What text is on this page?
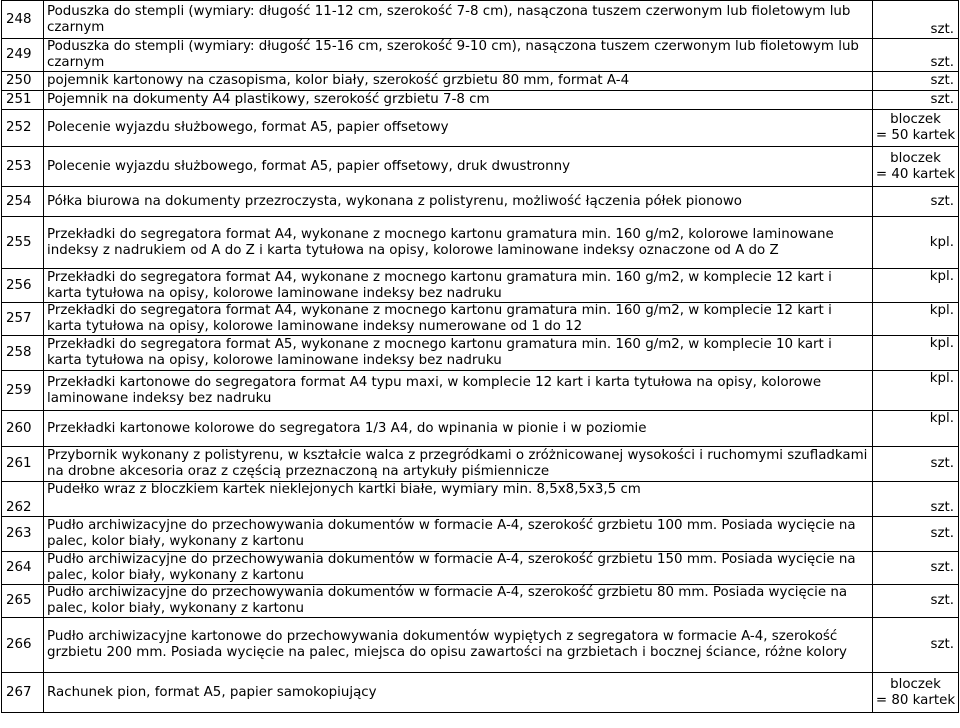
248	Poduszka do stempli (wymiary: długość 11-12 cm, szerokość 7-8 cm), nasączona tuszem czerwonym lub fioletowym lub czarnym	szt.
249	Poduszka do stempli (wymiary: długość 15-16 cm, szerokość 9-10 cm), nasączona tuszem czerwonym lub fioletowym lub czarnym	szt.
250	pojemnik kartonowy na czasopisma, kolor biały, szerokość grzbietu 80 mm, format A-4	szt.
251	Pojemnik na dokumenty A4 plastikowy, szerokość grzbietu 7-8 cm	szt.
252	Polecenie wyjazdu służbowego, format A5, papier offsetowy	bloczek
= 50 kartek

253	Polecenie wyjazdu służbowego, format A5, papier offsetowy, druk dwustronny	bloczek
= 40 kartek

254	Półka biurowa na dokumenty przezroczysta, wykonana z polistyrenu, możliwość łączenia półek pionowo	szt.
255	Przekładki do segregatora format A4, wykonane z mocnego kartonu gramatura min. 160 g/m2, kolorowe laminowane indeksy z nadrukiem od A do Z i karta tytułowa na opisy, kolorowe laminowane indeksy oznaczone od A do Z	kpl.
256	Przekładki do segregatora format A4, wykonane z mocnego kartonu gramatura min. 160 g/m2, w komplecie 12 kart i karta tytułowa na opisy, kolorowe laminowane indeksy bez nadruku	kpl.
257	Przekładki do segregatora format A4, wykonane z mocnego kartonu gramatura min. 160 g/m2, w komplecie 12 kart i karta tytułowa na opisy, kolorowe laminowane indeksy numerowane od 1 do 12	kpl.
258	Przekładki do segregatora format A5, wykonane z mocnego kartonu gramatura min. 160 g/m2, w komplecie 10 kart i karta tytułowa na opisy, kolorowe laminowane indeksy bez nadruku	kpl.
259	Przekładki kartonowe do segregatora format A4 typu maxi, w komplecie 12 kart i karta tytułowa na opisy, kolorowe laminowane indeksy bez nadruku	kpl.
260	Przekładki kartonowe kolorowe do segregatora 1/3 A4, do wpinania w pionie i w poziomie	kpl.
261	Przybornik wykonany z polistyrenu, w kształcie walca z przegródkami o zróżnicowanej wysokości i ruchomymi szufladkami na drobne akcesoria oraz z częścią przeznaczoną na artykuły piśmiennicze	szt.
262	Pudełko wraz z bloczkiem kartek nieklejonych kartki białe, wymiary min. 8,5x8,5x3,5 cm	szt.
263	Pudło archiwizacyjne do przechowywania dokumentów w formacie A-4, szerokość grzbietu 100 mm. Posiada wycięcie na palec, kolor biały, wykonany z kartonu	szt.
264	Pudło archiwizacyjne do przechowywania dokumentów w formacie A-4, szerokość grzbietu 150 mm. Posiada wycięcie na palec, kolor biały, wykonany z kartonu	szt.
265	Pudło archiwizacyjne do przechowywania dokumentów w formacie A-4, szerokość grzbietu 80 mm. Posiada wycięcie na palec, kolor biały, wykonany z kartonu	szt.
266	Pudło archiwizacyjne kartonowe do przechowywania dokumentów wypiętych z segregatora w formacie A-4, szerokość grzbietu 200 mm. Posiada wycięcie na palec, miejsca do opisu zawartości na grzbietach i bocznej ściance, różne kolory	szt.
267	Rachunek pion, format A5, papier samokopiujący	bloczek
= 80 kartek
